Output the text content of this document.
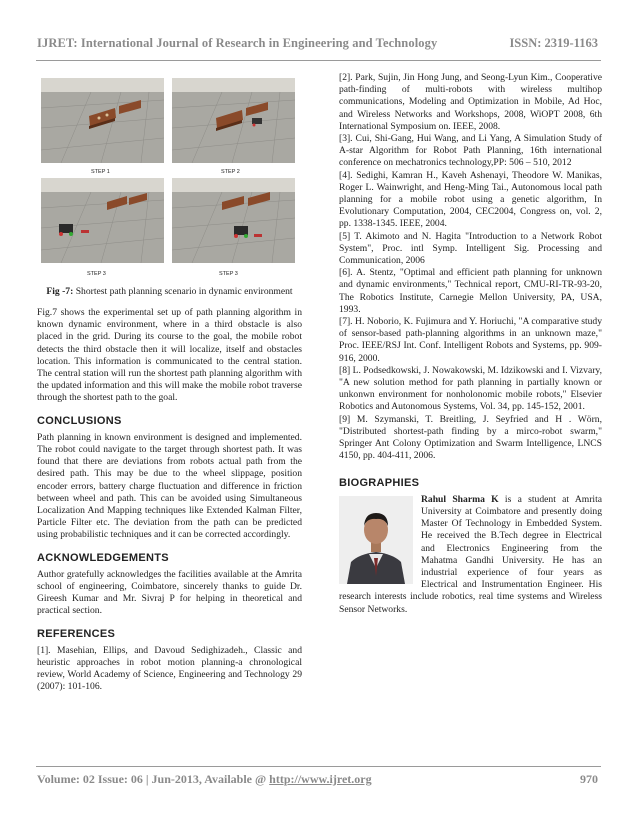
IJRET: International Journal of Research in Engineering and Technology	ISSN: 2319-1163
STEP 1	STEP 2
STEP 3	STEP 3

Fig -7: Shortest path planning scenario in dynamic environment

Fig.7 shows the experimental set up of path planning algorithm in known dynamic environment, where in a third obstacle is also placed in the grid. During its course to the goal, the mobile robot detects the third obstacle then it will localize, itself and obstacles location. This information is communicated to the central station. The central station will run the shortest path planning algorithm with the updated information and this will make the mobile robot traverse through the shortest path to the goal.

CONCLUSIONS

Path planning in known environment is designed and implemented. The robot could navigate to the target through shortest path. It was found that there are deviations from robots actual path from the desired path. This may be due to the wheel slippage, position encoder errors, battery charge fluctuation and difference in friction between wheel and path. This can be avoided using Simultaneous Localization And Mapping techniques like Extended Kalman Filter, Particle Filter etc. The deviation from the path can be predicted using probabilistic techniques and it can be corrected accordingly.

ACKNOWLEDGEMENTS

Author gratefully acknowledges the facilities available at the Amrita school of engineering, Coimbatore, sincerely thanks to guide Dr. Gireesh Kumar and Mr. Sivraj P for helping in theoretical and practical section.

REFERENCES

[1]. Masehian, Ellips, and Davoud Sedighizadeh., Classic and heuristic approaches in robot motion planning-a chronological review, World Academy of Science, Engineering and Technology 29 (2007): 101-106.

[2]. Park, Sujin, Jin Hong Jung, and Seong-Lyun Kim., Cooperative path-finding of multi-robots with wireless multihop communications, Modeling and Optimization in Mobile, Ad Hoc, and Wireless Networks and Workshops, 2008, WiOPT 2008, 6th International Symposium on. IEEE, 2008.

[3]. Cui, Shi-Gang, Hui Wang, and Li Yang, A Simulation Study of A-star Algorithm for Robot Path Planning, 16th international conference on mechatronics technology,PP: 506 – 510, 2012

[4]. Sedighi, Kamran H., Kaveh Ashenayi, Theodore W. Manikas, Roger L. Wainwright, and Heng-Ming Tai., Autonomous local path planning for a mobile robot using a genetic algorithm, In Evolutionary Computation, 2004, CEC2004, Congress on, vol. 2, pp. 1338-1345. IEEE, 2004.

[5] T. Akimoto and N. Hagita "Introduction to a Network Robot System", Proc. intl Symp. Intelligent Sig. Processing and Communication, 2006

[6]. A. Stentz, "Optimal and efficient path planning for unknown and dynamic environments," Technical report, CMU-RI-TR-93-20, The Robotics Institute, Carnegie Mellon University, PA, USA, 1993.

[7]. H. Noborio, K. Fujimura and Y. Horiuchi, "A comparative study of sensor-based path-planning algorithms in an unknown maze," Proc. IEEE/RSJ Int. Conf. Intelligent Robots and Systems, pp. 909-916, 2000.

[8] L. Podsedkowski, J. Nowakowski, M. Idzikowski and I. Vizvary, "A new solution method for path planning in partially known or unkonwn environment for nonholonomic mobile robots," Elsevier Robotics and Autonomous Systems, Vol. 34, pp. 145-152, 2001.

[9] M. Szymanski, T. Breitling, J. Seyfried and H . Wörn, "Distributed shortest-path finding by a mirco-robot swarm," Springer Ant Colony Optimization and Swarm Intelligence, LNCS 4150, pp. 404-411, 2006.

BIOGRAPHIES

Rahul Sharma K is a student at Amrita University at Coimbatore and presently doing Master Of Technology in Embedded System. He received the B.Tech degree in Electrical and Electronics Engineering from the Mahatma Gandhi University. He has an industrial experience of four years as Electrical and Instrumentation Engineer. His research interests include robotics, real time systems and Wireless Sensor Networks.

Volume: 02 Issue: 06 | Jun-2013, Available @ http://www.ijret.org	970
